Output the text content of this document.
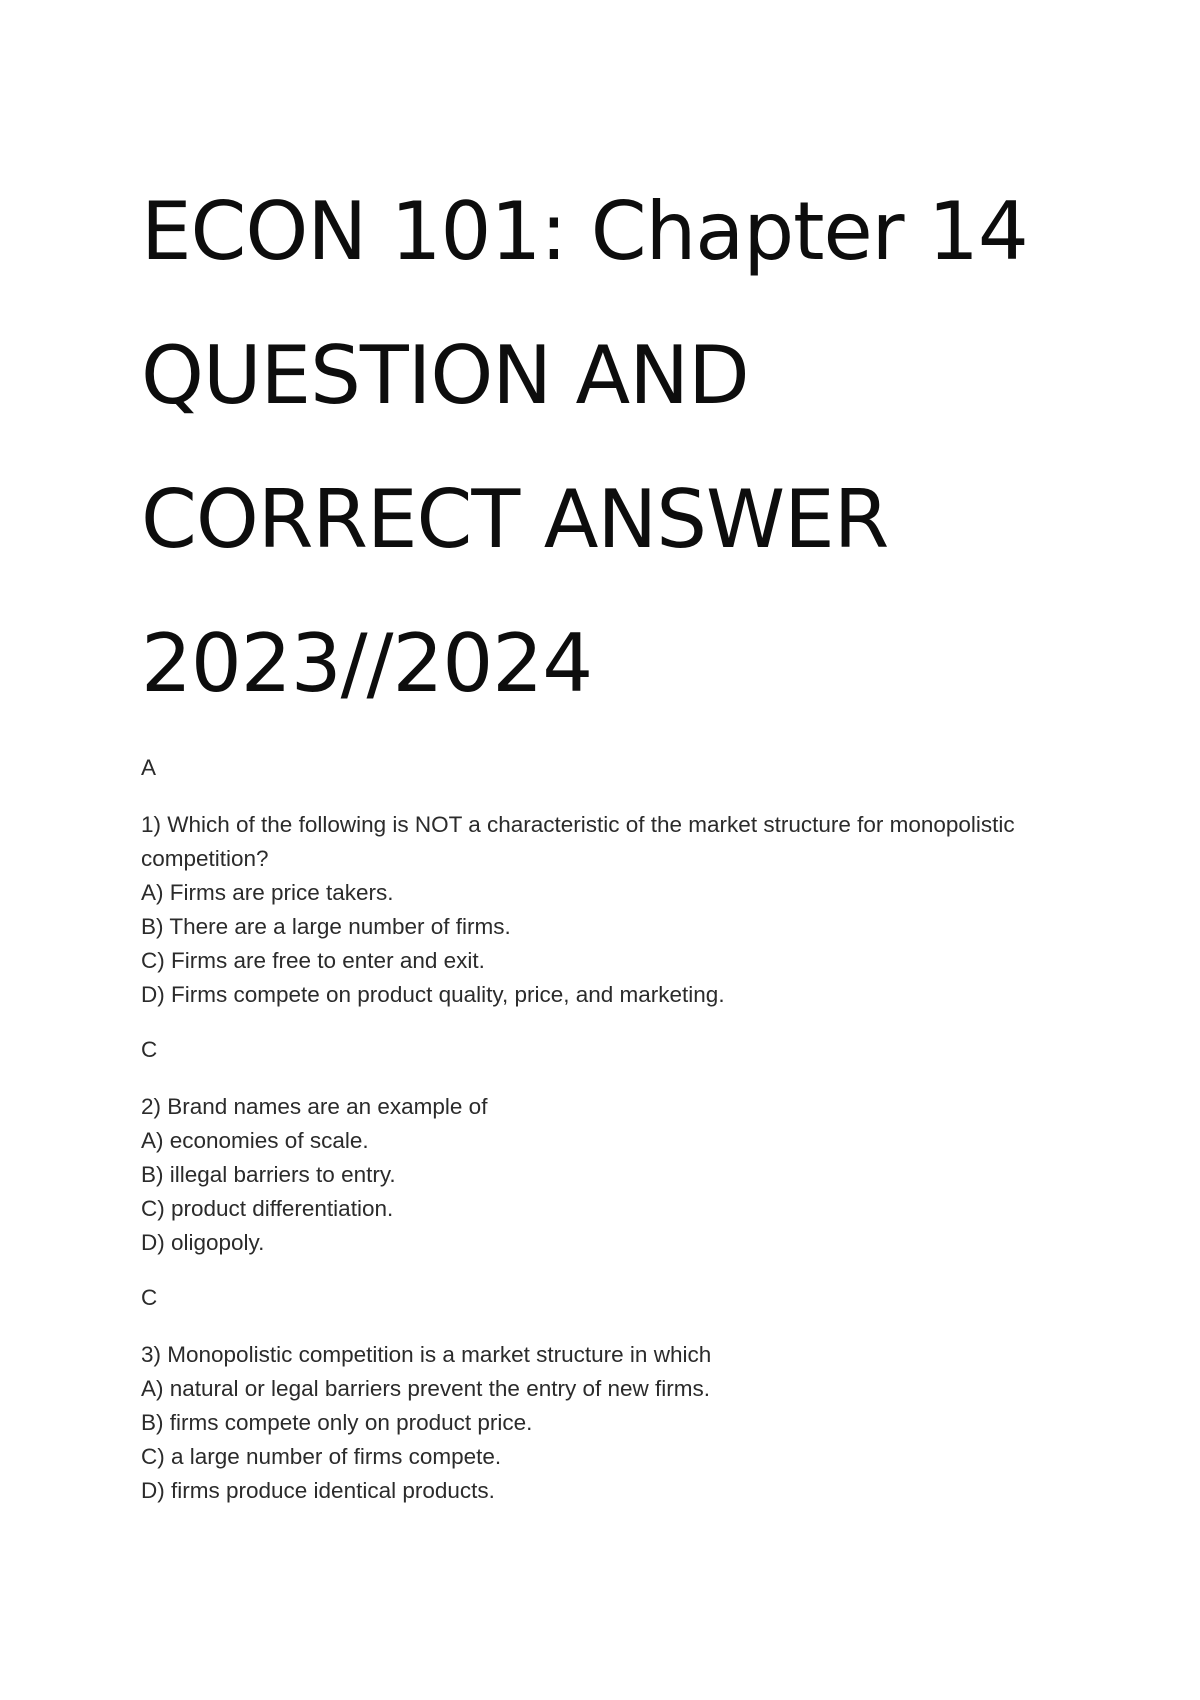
ECON 101: Chapter 14
QUESTION AND
CORRECT ANSWER
2023//2024
A
1) Which of the following is NOT a characteristic of the market structure for monopolistic competition?
A) Firms are price takers.
B) There are a large number of firms.
C) Firms are free to enter and exit.
D) Firms compete on product quality, price, and marketing.
C
2) Brand names are an example of
A) economies of scale.
B) illegal barriers to entry.
C) product differentiation.
D) oligopoly.
C
3) Monopolistic competition is a market structure in which
A) natural or legal barriers prevent the entry of new firms.
B) firms compete only on product price.
C) a large number of firms compete.
D) firms produce identical products.
